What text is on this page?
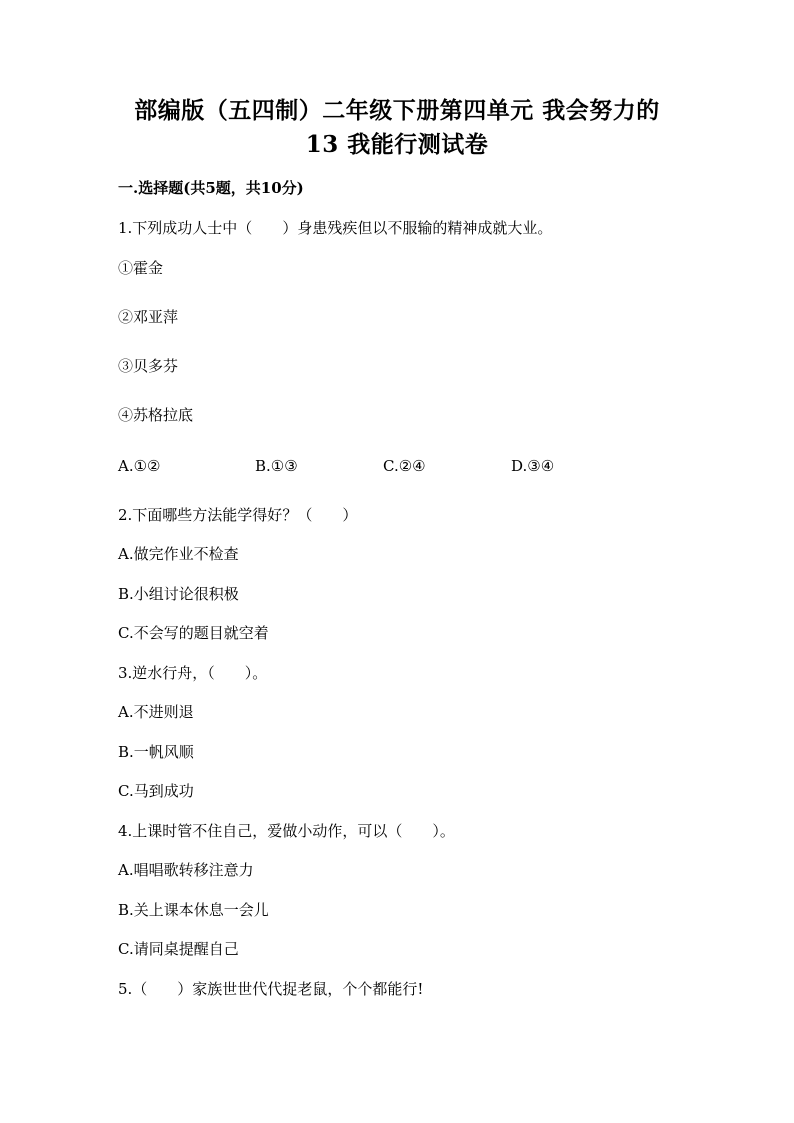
部编版（五四制）二年级下册第四单元 我会努力的
13 我能行测试卷
一.选择题(共5题，共10分)
1.下列成功人士中（　　）身患残疾但以不服输的精神成就大业。
①霍金
②邓亚萍
③贝多芬
④苏格拉底
A.①②	B.①③	C.②④	D.③④
2.下面哪些方法能学得好？（　　）
A.做完作业不检查
B.小组讨论很积极
C.不会写的题目就空着
3.逆水行舟，（　　）。
A.不进则退
B.一帆风顺
C.马到成功
4.上课时管不住自己，爱做小动作，可以（　　）。
A.唱唱歌转移注意力
B.关上课本休息一会儿
C.请同桌提醒自己
5.（　　）家族世世代代捉老鼠，个个都能行!
